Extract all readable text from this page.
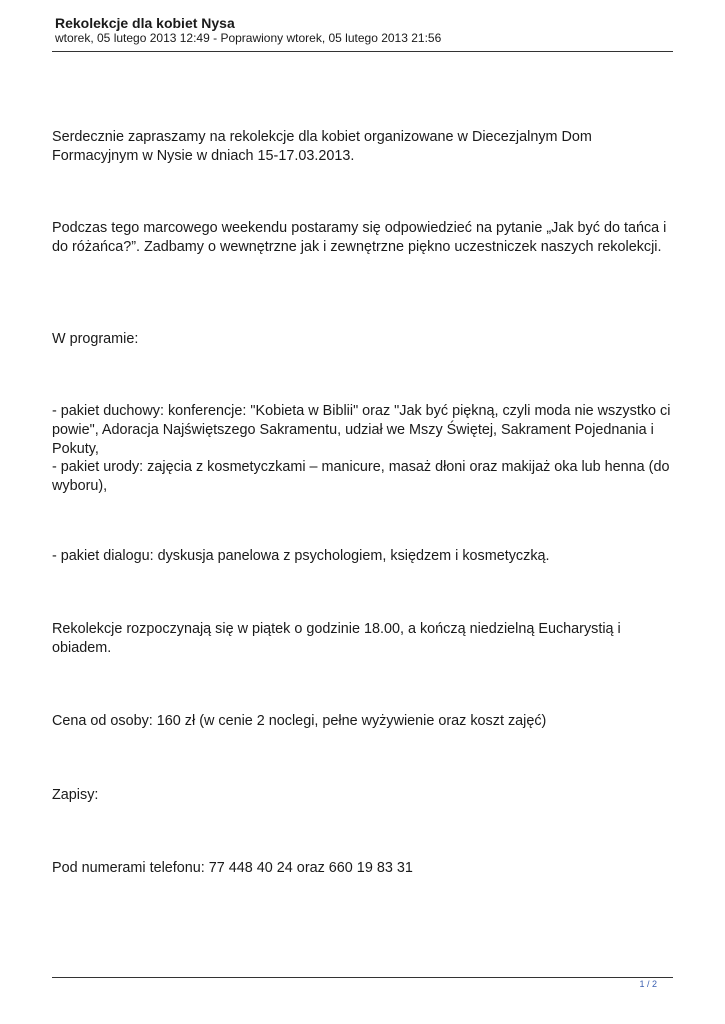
Rekolekcje dla kobiet Nysa
wtorek, 05 lutego 2013 12:49 - Poprawiony wtorek, 05 lutego 2013 21:56

Serdecznie zapraszamy na rekolekcje dla kobiet organizowane w Diecezjalnym Dom Formacyjnym w Nysie w dniach 15-17.03.2013.

Podczas tego marcowego weekendu postaramy się odpowiedzieć na pytanie „Jak być do tańca i do różańca?”. Zadbamy o wewnętrzne jak i zewnętrzne piękno uczestniczek naszych rekolekcji.

W programie:

- pakiet duchowy: konferencje: "Kobieta w Biblii" oraz "Jak być piękną, czyli moda nie wszystko ci powie", Adoracja Najświętszego Sakramentu, udział we Mszy Świętej, Sakrament Pojednania i Pokuty,

- pakiet urody: zajęcia z kosmetyczkami – manicure, masaż dłoni oraz makijaż oka lub henna (do wyboru),

- pakiet dialogu: dyskusja panelowa z psychologiem, księdzem i kosmetyczką.

Rekolekcje rozpoczynają się w piątek o godzinie 18.00, a kończą niedzielną Eucharystią i obiadem.

Cena od osoby: 160 zł (w cenie 2 noclegi, pełne wyżywienie oraz koszt zajęć)

Zapisy:

Pod numerami telefonu: 77 448 40 24 oraz 660 19 83 31

1 / 2
